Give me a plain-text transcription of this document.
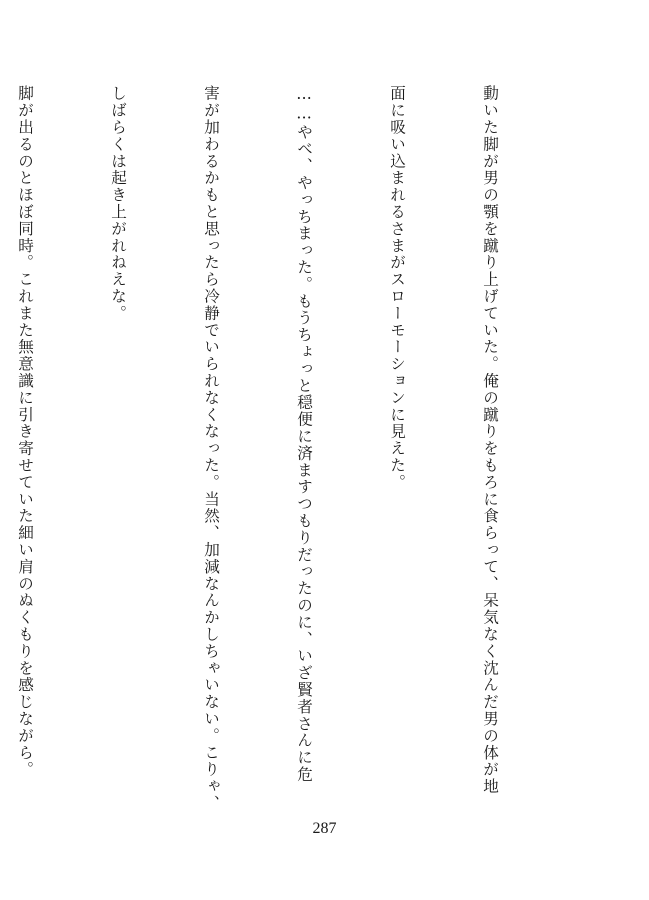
動いた脚が男の顎を蹴り上げていた。俺の蹴りをもろに食らって、呆気なく沈んだ男の体が地

面に吸い込まれるさまがスローモーションに見えた。

……やべ、やっちまった。もうちょっと穏便に済ますつもりだったのに、いざ賢者さんに危

害が加わるかもと思ったら冷静でいられなくなった。当然、加減なんかしちゃいない。こりゃ、

しばらくは起き上がれねえな。

脚が出るのとほぼ同時。これまた無意識に引き寄せていた細い肩のぬくもりを感じながら。

287
